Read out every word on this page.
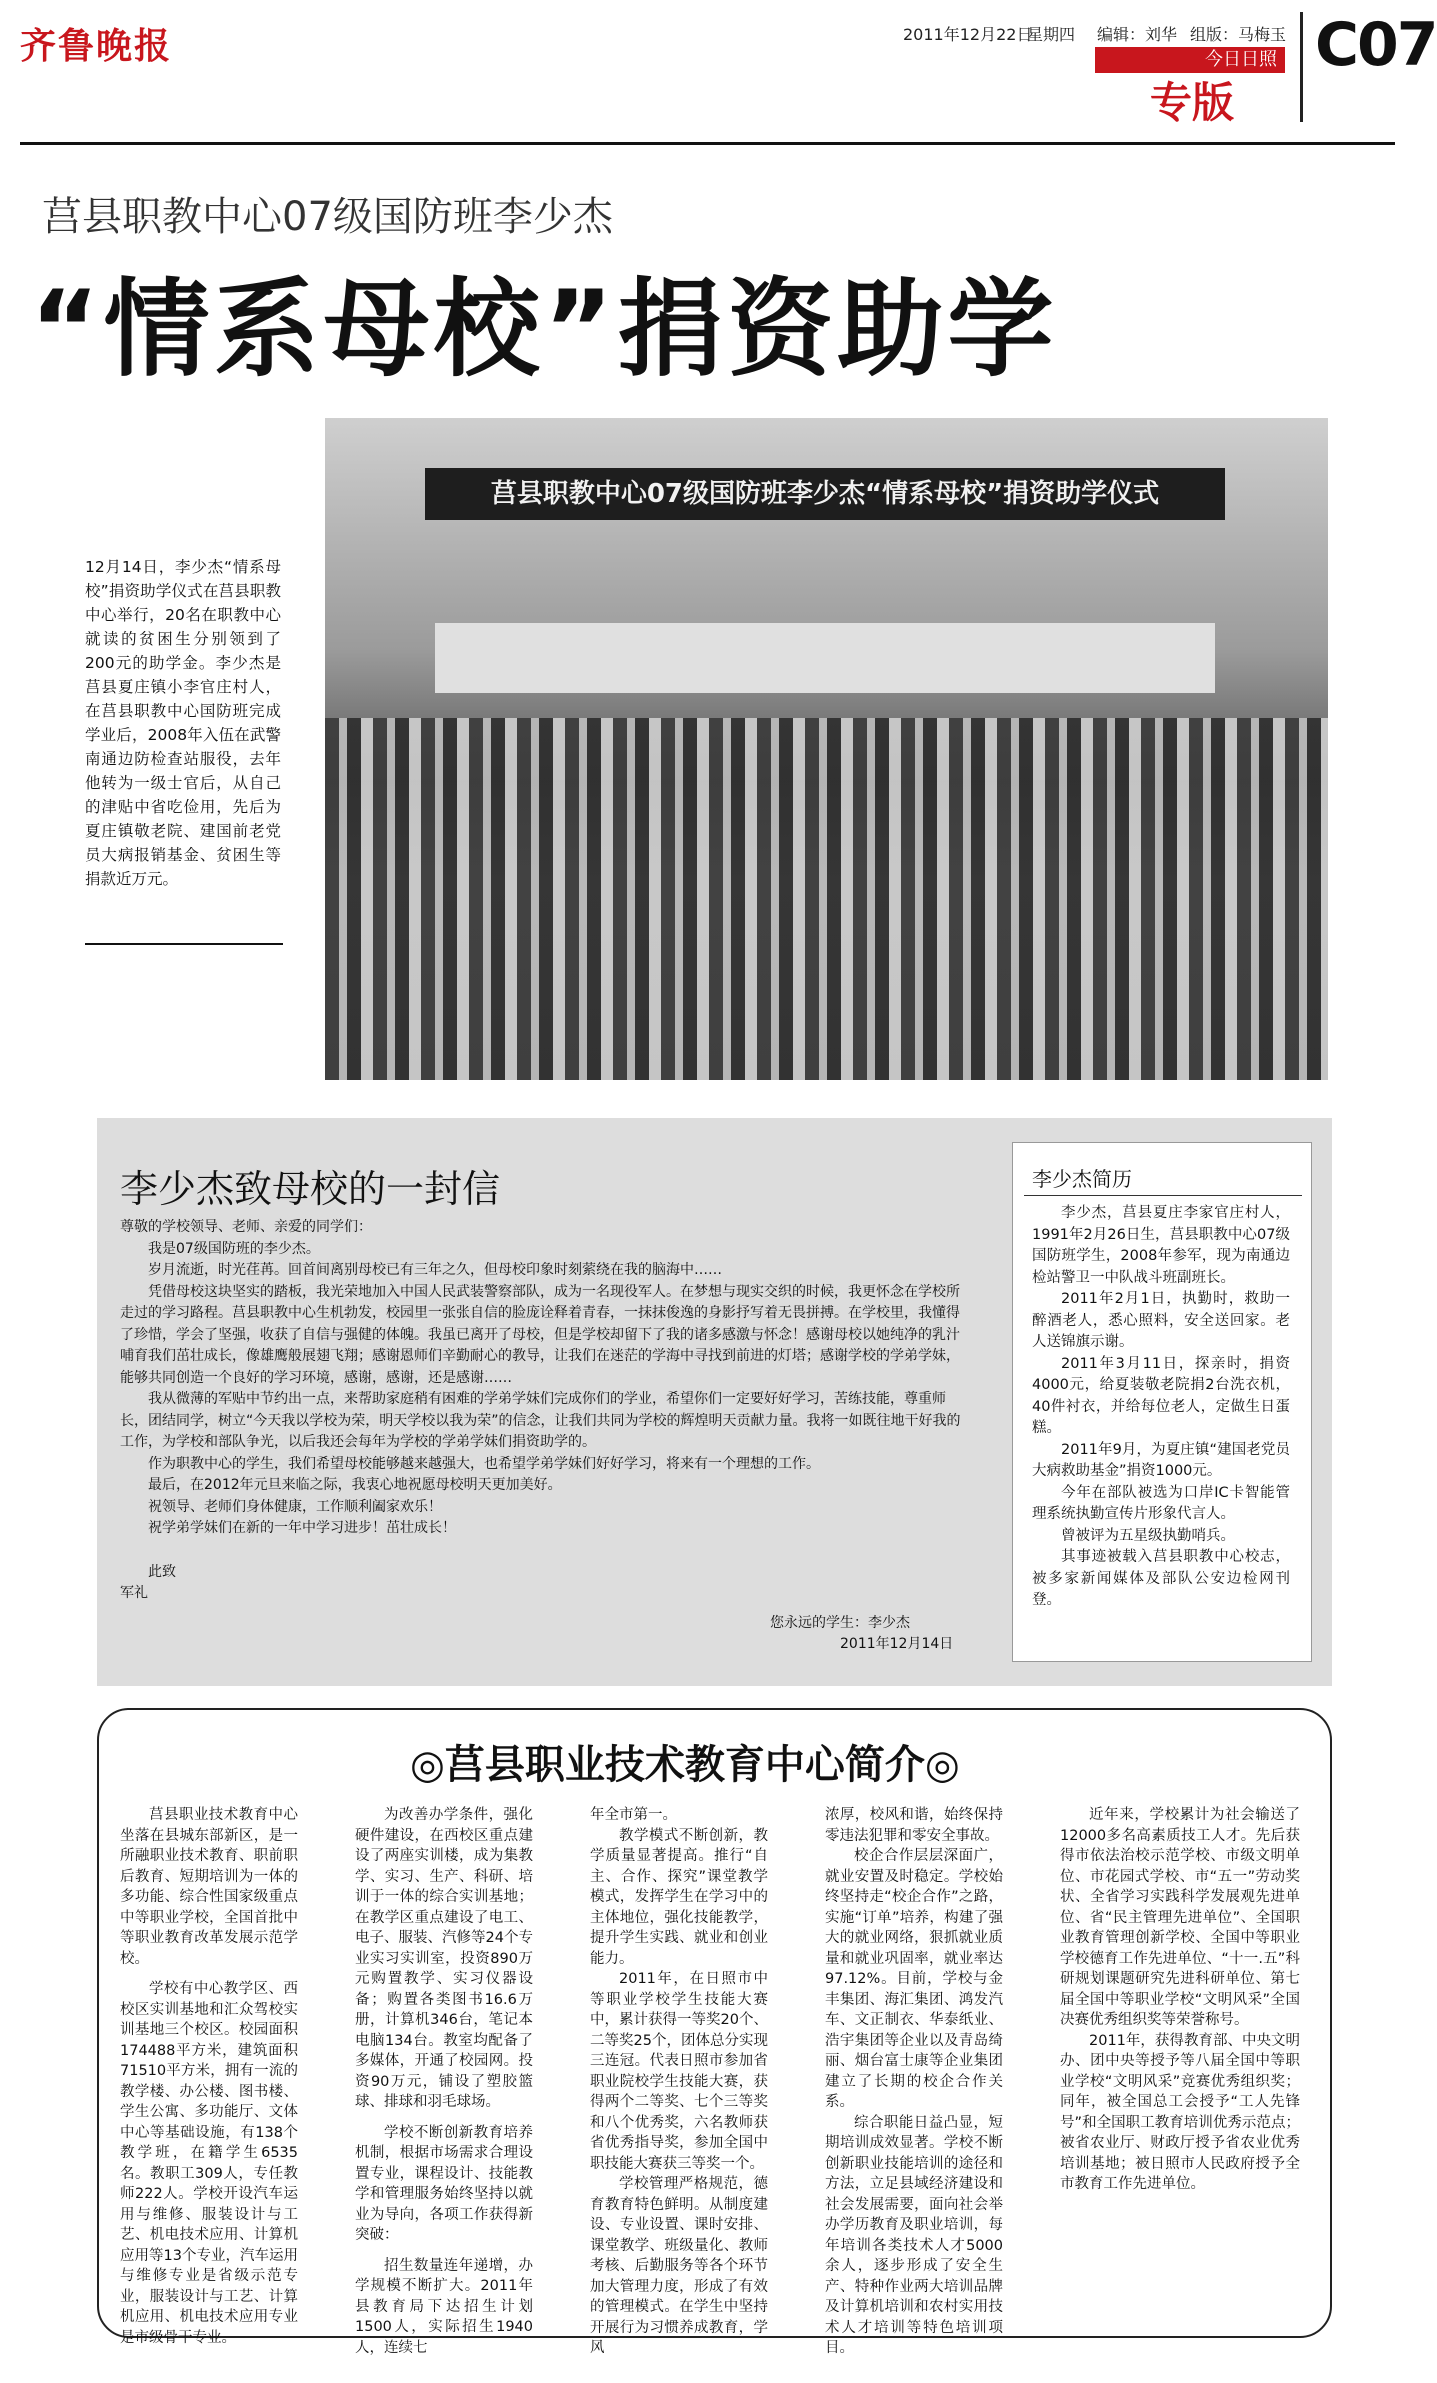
齐鲁晚报	2011年12月22日
星期四 编辑：刘华 组版：马梅玉
今日日照
专版
C07
莒县职教中心07级国防班李少杰
“情系母校”捐资助学
莒县职教中心07级国防班李少杰“情系母校”捐资助学仪式
12月14日，李少杰“情系母校”捐资助学仪式在莒县职教中心举行，20名在职教中心就读的贫困生分别领到了200元的助学金。李少杰是莒县夏庄镇小李官庄村人，在莒县职教中心国防班完成学业后，2008年入伍在武警南通边防检查站服役，去年他转为一级士官后，从自己的津贴中省吃俭用，先后为夏庄镇敬老院、建国前老党员大病报销基金、贫困生等捐款近万元。
李少杰致母校的一封信

尊敬的学校领导、老师、亲爱的同学们：

我是07级国防班的李少杰。

岁月流逝，时光荏苒。回首间离别母校已有三年之久，但母校印象时刻萦绕在我的脑海中……

凭借母校这块坚实的踏板，我光荣地加入中国人民武装警察部队，成为一名现役军人。在梦想与现实交织的时候，我更怀念在学校所走过的学习路程。莒县职教中心生机勃发，校园里一张张自信的脸庞诠释着青春，一抹抹俊逸的身影抒写着无畏拼搏。在学校里，我懂得了珍惜，学会了坚强，收获了自信与强健的体魄。我虽已离开了母校，但是学校却留下了我的诸多感激与怀念！感谢母校以她纯净的乳汁哺育我们茁壮成长，像雄鹰般展翅飞翔；感谢恩师们辛勤耐心的教导，让我们在迷茫的学海中寻找到前进的灯塔；感谢学校的学弟学妹，能够共同创造一个良好的学习环境，感谢，感谢，还是感谢……

我从微薄的军贴中节约出一点，来帮助家庭稍有困难的学弟学妹们完成你们的学业，希望你们一定要好好学习，苦练技能，尊重师长，团结同学，树立“今天我以学校为荣，明天学校以我为荣”的信念，让我们共同为学校的辉煌明天贡献力量。我将一如既往地干好我的工作，为学校和部队争光，以后我还会每年为学校的学弟学妹们捐资助学的。

作为职教中心的学生，我们希望母校能够越来越强大，也希望学弟学妹们好好学习，将来有一个理想的工作。

最后，在2012年元旦来临之际，我衷心地祝愿母校明天更加美好。

祝领导、老师们身体健康，工作顺利阖家欢乐！

祝学弟学妹们在新的一年中学习进步！茁壮成长！

此致

军礼

您永远的学生：李少杰
2011年12月14日
李少杰简历

李少杰，莒县夏庄李家官庄村人，1991年2月26日生，莒县职教中心07级国防班学生，2008年参军，现为南通边检站警卫一中队战斗班副班长。

2011年2月1日，执勤时，救助一醉酒老人，悉心照料，安全送回家。老人送锦旗示谢。

2011年3月11日，探亲时，捐资4000元，给夏装敬老院捐2台洗衣机，40件衬衣，并给每位老人，定做生日蛋糕。

2011年9月，为夏庄镇“建国老党员大病救助基金”捐资1000元。

今年在部队被选为口岸IC卡智能管理系统执勤宣传片形象代言人。

曾被评为五星级执勤哨兵。

其事迹被载入莒县职教中心校志，被多家新闻媒体及部队公安边检网刊登。

◎莒县职业技术教育中心简介◎

莒县职业技术教育中心坐落在县城东部新区，是一所融职业技术教育、职前职后教育、短期培训为一体的多功能、综合性国家级重点中等职业学校，全国首批中等职业教育改革发展示范学校。

学校有中心教学区、西校区实训基地和汇众驾校实训基地三个校区。校园面积174488平方米，建筑面积71510平方米，拥有一流的教学楼、办公楼、图书楼、学生公寓、多功能厅、文体中心等基础设施，有138个教学班，在籍学生6535名。教职工309人，专任教师222人。学校开设汽车运用与维修、服装设计与工艺、机电技术应用、计算机应用等13个专业，汽车运用与维修专业是省级示范专业，服装设计与工艺、计算机应用、机电技术应用专业是市级骨干专业。

为改善办学条件，强化硬件建设，在西校区重点建设了两座实训楼，成为集教学、实习、生产、科研、培训于一体的综合实训基地；在教学区重点建设了电工、电子、服装、汽修等24个专业实习实训室，投资890万元购置教学、实习仪器设备；购置各类图书16.6万册，计算机346台，笔记本电脑134台。教室均配备了多媒体，开通了校园网。投资90万元，铺设了塑胶篮球、排球和羽毛球场。

学校不断创新教育培养机制，根据市场需求合理设置专业，课程设计、技能教学和管理服务始终坚持以就业为导向，各项工作获得新突破：

招生数量连年递增，办学规模不断扩大。2011年县教育局下达招生计划1500人，实际招生1940人，连续七

年全市第一。

教学模式不断创新，教学质量显著提高。推行“自主、合作、探究”课堂教学模式，发挥学生在学习中的主体地位，强化技能教学，提升学生实践、就业和创业能力。

2011年，在日照市中等职业学校学生技能大赛中，累计获得一等奖20个、二等奖25个，团体总分实现三连冠。代表日照市参加省职业院校学生技能大赛，获得两个二等奖、七个三等奖和八个优秀奖，六名教师获省优秀指导奖，参加全国中职技能大赛获三等奖一个。

学校管理严格规范，德育教育特色鲜明。从制度建设、专业设置、课时安排、课堂教学、班级量化、教师考核、后勤服务等各个环节加大管理力度，形成了有效的管理模式。在学生中坚持开展行为习惯养成教育，学风

浓厚，校风和谐，始终保持零违法犯罪和零安全事故。

校企合作层层深面广，就业安置及时稳定。学校始终坚持走“校企合作”之路，实施“订单”培养，构建了强大的就业网络，狠抓就业质量和就业巩固率，就业率达97.12%。目前，学校与金丰集团、海汇集团、鸿发汽车、文正制衣、华泰纸业、浩宇集团等企业以及青岛绮丽、烟台富士康等企业集团建立了长期的校企合作关系。

综合职能日益凸显，短期培训成效显著。学校不断创新职业技能培训的途径和方法，立足县域经济建设和社会发展需要，面向社会举办学历教育及职业培训，每年培训各类技术人才5000余人，逐步形成了安全生产、特种作业两大培训品牌及计算机培训和农村实用技术人才培训等特色培训项目。

近年来，学校累计为社会输送了12000多名高素质技工人才。先后获得市依法治校示范学校、市级文明单位、市花园式学校、市“五一”劳动奖状、全省学习实践科学发展观先进单位、省“民主管理先进单位”、全国职业教育管理创新学校、全国中等职业学校德育工作先进单位、“十一.五”科研规划课题研究先进科研单位、第七届全国中等职业学校“文明风采”全国决赛优秀组织奖等荣誉称号。

2011年，获得教育部、中央文明办、团中央等授予等八届全国中等职业学校“文明风采”竞赛优秀组织奖；同年，被全国总工会授予“工人先锋号”和全国职工教育培训优秀示范点；被省农业厅、财政厅授予省农业优秀培训基地；被日照市人民政府授予全市教育工作先进单位。
